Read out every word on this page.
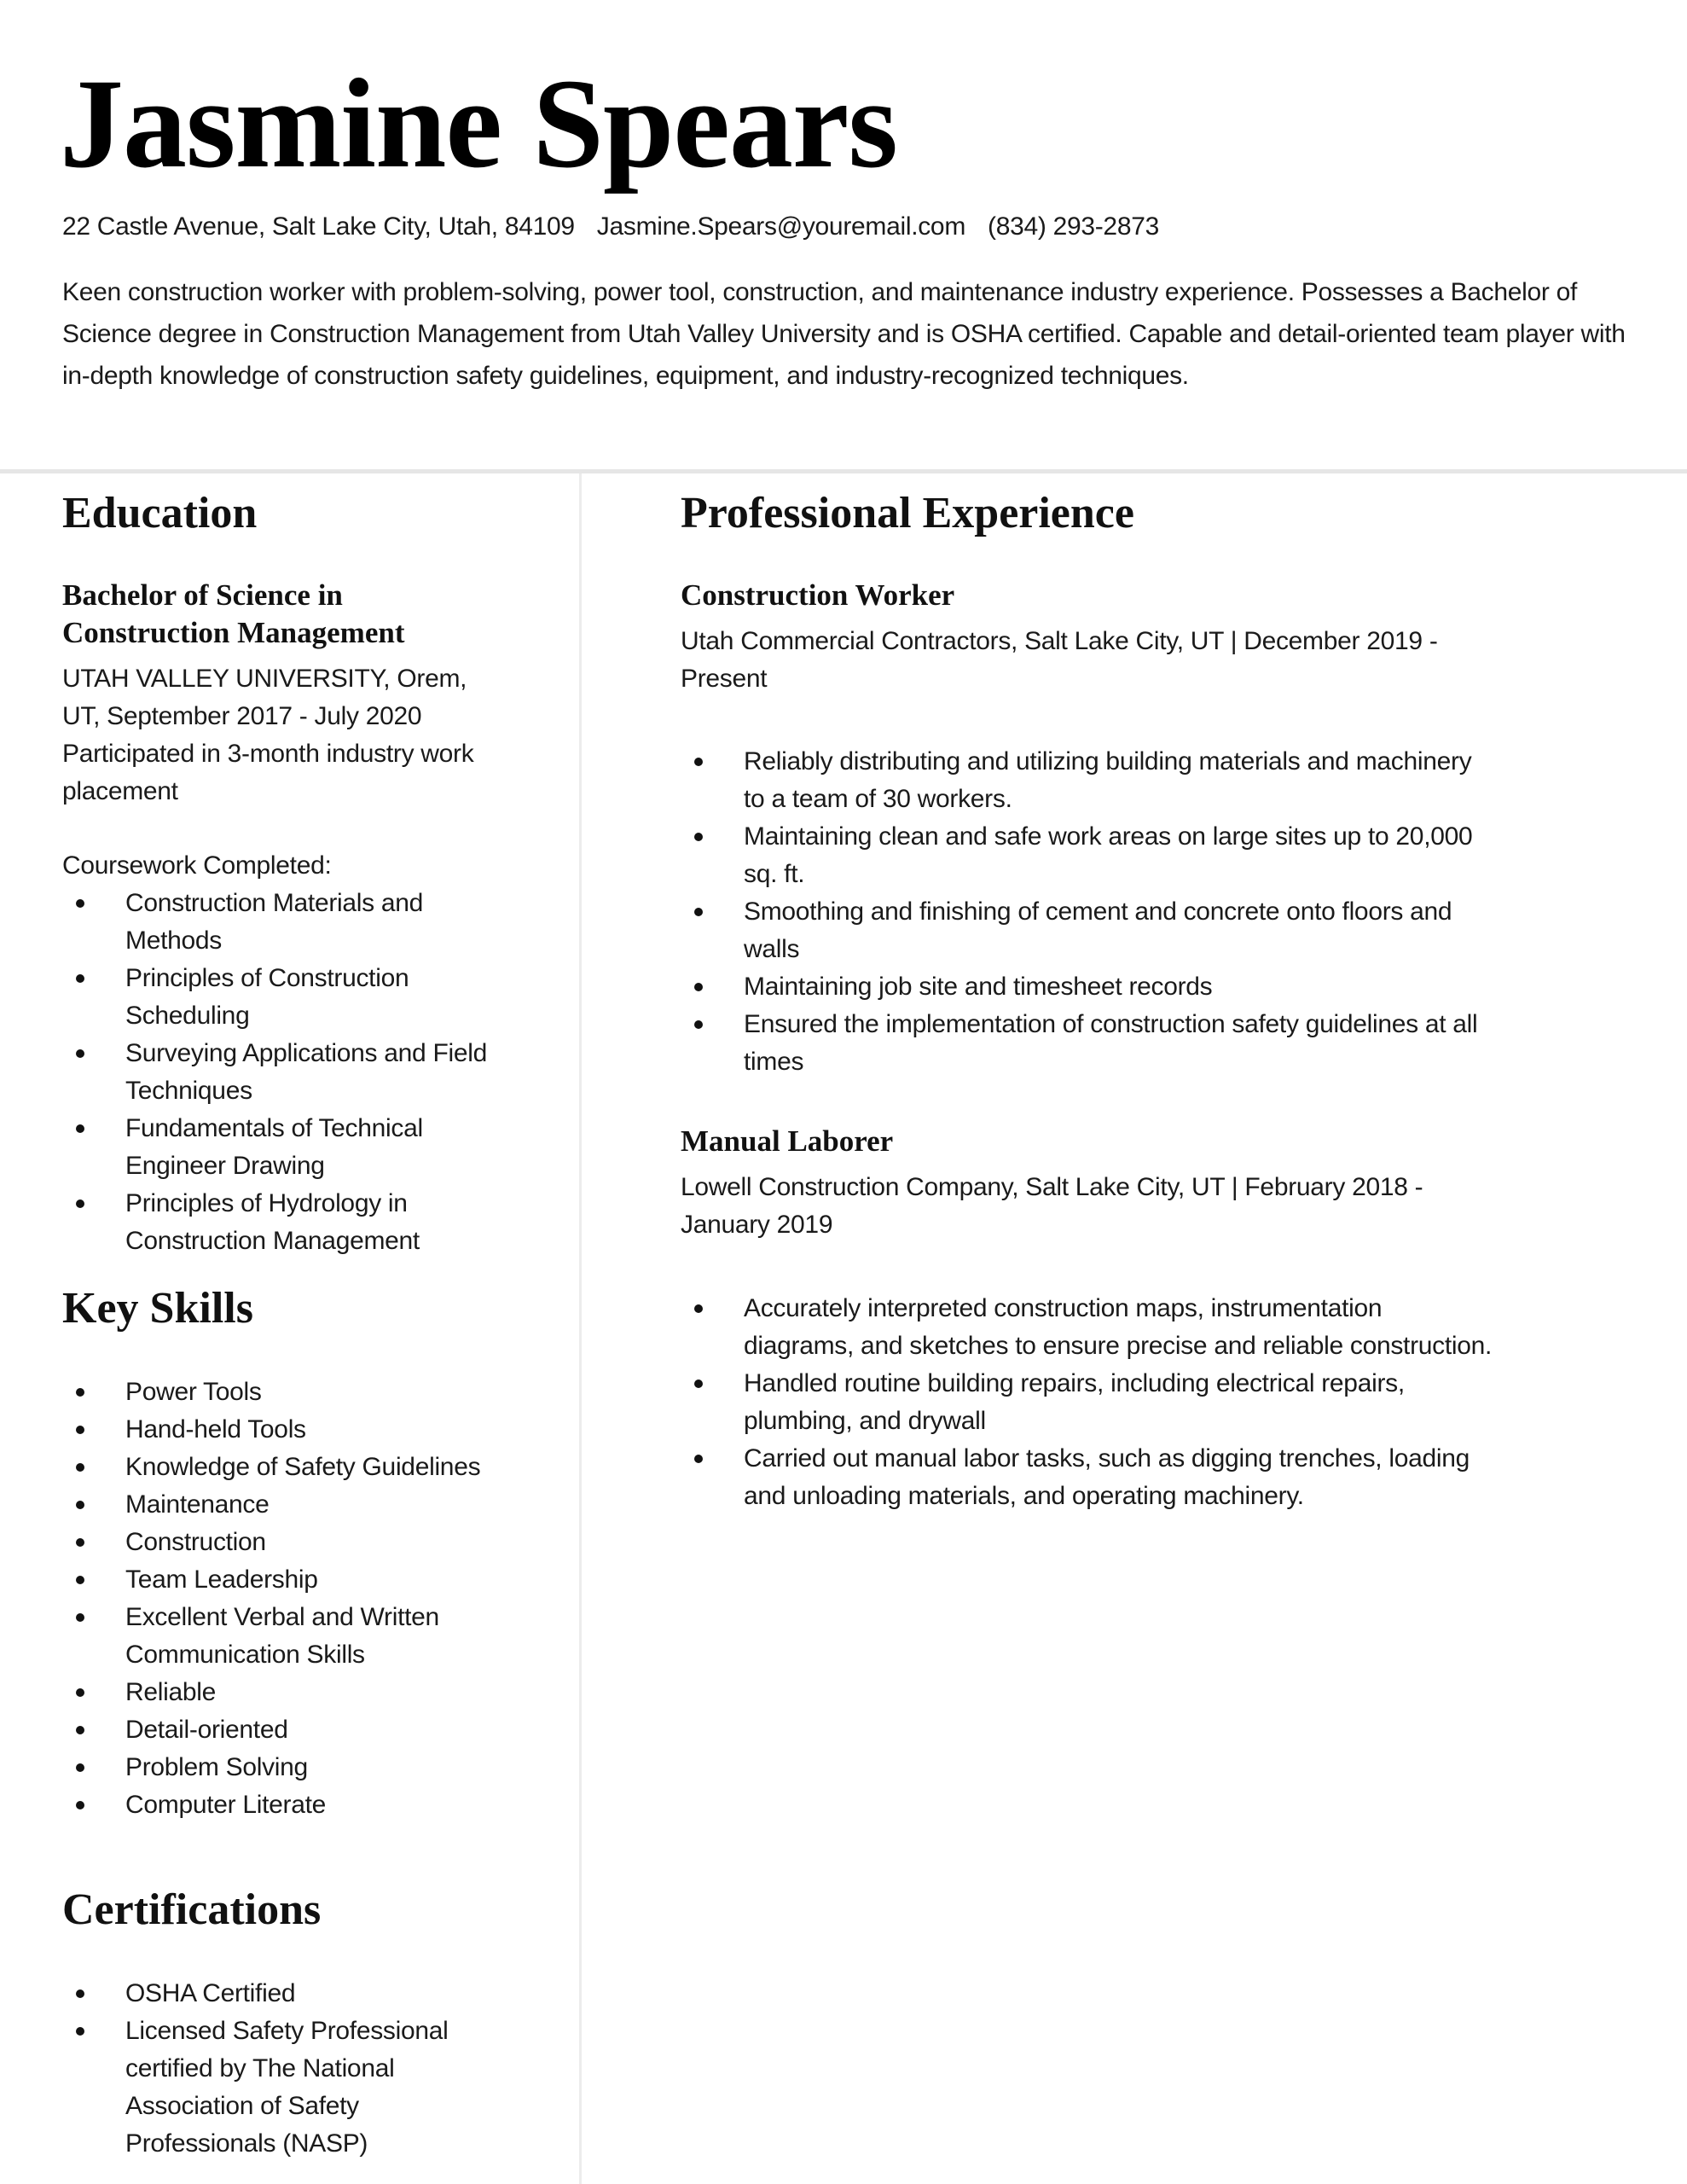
Jasmine Spears
22 Castle Avenue, Salt Lake City, Utah, 84109 Jasmine.Spears@youremail.com (834) 293-2873
Keen construction worker with problem-solving, power tool, construction, and maintenance industry experience. Possesses a Bachelor of Science degree in Construction Management from Utah Valley University and is OSHA certified. Capable and detail-oriented team player with in-depth knowledge of construction safety guidelines, equipment, and industry-recognized techniques.
Education
Bachelor of Science in Construction Management
UTAH VALLEY UNIVERSITY, Orem, UT, September 2017 - July 2020
Participated in 3-month industry work placement
Coursework Completed:
Construction Materials and Methods
Principles of Construction Scheduling
Surveying Applications and Field Techniques
Fundamentals of Technical Engineer Drawing
Principles of Hydrology in Construction Management
Key Skills
Power Tools
Hand-held Tools
Knowledge of Safety Guidelines
Maintenance
Construction
Team Leadership
Excellent Verbal and Written Communication Skills
Reliable
Detail-oriented
Problem Solving
Computer Literate
Certifications
OSHA Certified
Licensed Safety Professional certified by The National Association of Safety Professionals (NASP)
Professional Experience
Construction Worker
Utah Commercial Contractors, Salt Lake City, UT | December 2019 - Present
Reliably distributing and utilizing building materials and machinery to a team of 30 workers.
Maintaining clean and safe work areas on large sites up to 20,000 sq. ft.
Smoothing and finishing of cement and concrete onto floors and walls
Maintaining job site and timesheet records
Ensured the implementation of construction safety guidelines at all times
Manual Laborer
Lowell Construction Company, Salt Lake City, UT | February 2018 - January 2019
Accurately interpreted construction maps, instrumentation diagrams, and sketches to ensure precise and reliable construction.
Handled routine building repairs, including electrical repairs, plumbing, and drywall
Carried out manual labor tasks, such as digging trenches, loading and unloading materials, and operating machinery.
